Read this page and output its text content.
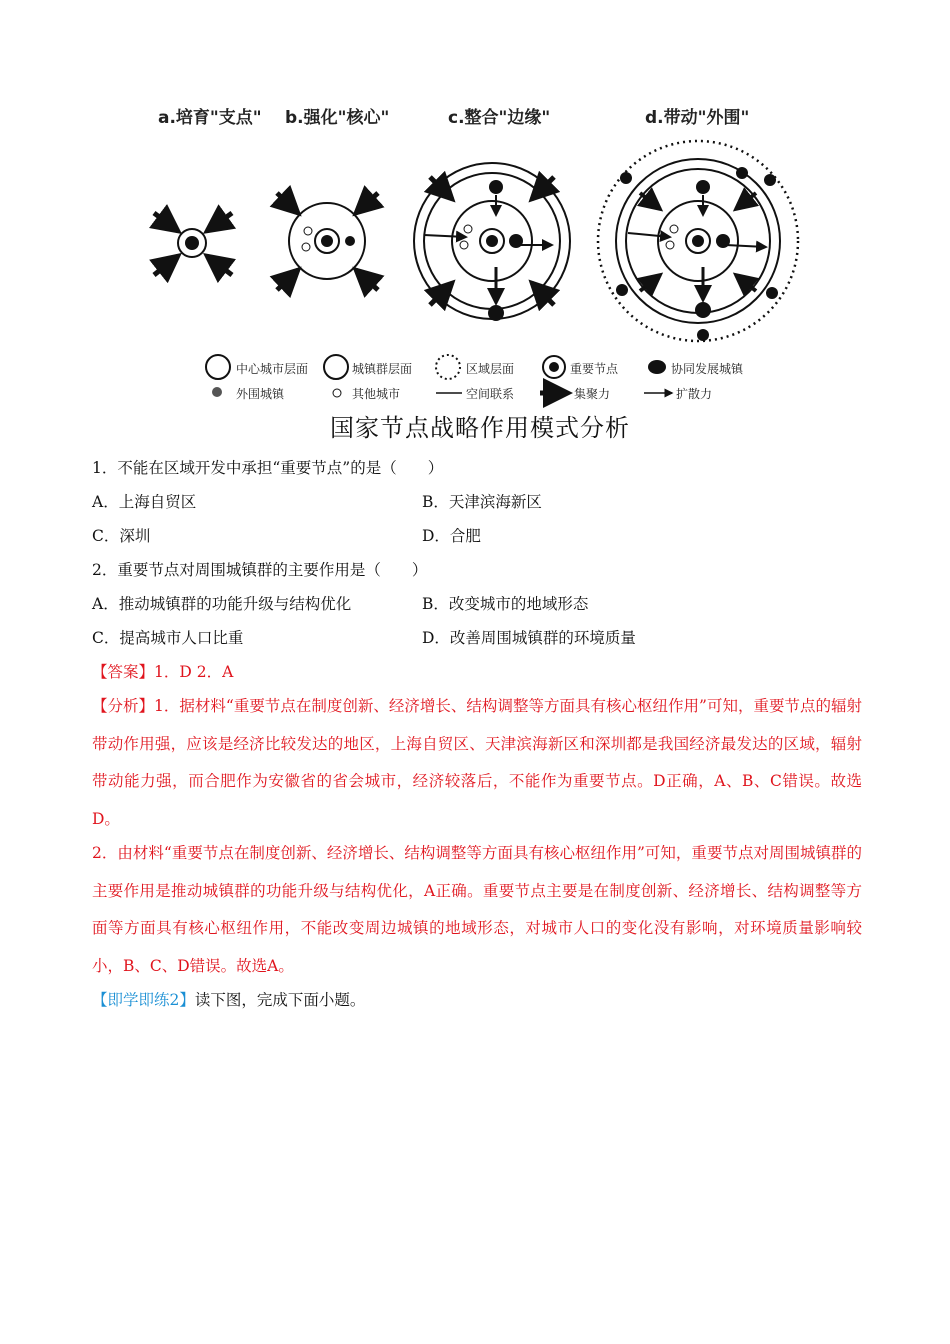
a.培育"支点" b.强化"核心"	c.整合"边缘"	d.带动"外围"
中心城市层面	城镇群层面	区域层面	重要节点	协同发展城镇
外围城镇	其他城市	空间联系	集聚力	扩散力
国家节点战略作用模式分析
1．不能在区域开发中承担“重要节点”的是（　　）
A．上海自贸区	B．天津滨海新区
C．深圳	D．合肥
2．重要节点对周围城镇群的主要作用是（　　）
A．推动城镇群的功能升级与结构优化	B．改变城市的地域形态
C．提高城市人口比重	D．改善周围城镇群的环境质量
【答案】1．D 2．A
【分析】1．据材料“重要节点在制度创新、经济增长、结构调整等方面具有核心枢纽作用”可知，重要节点的辐射带动作用强，应该是经济比较发达的地区，上海自贸区、天津滨海新区和深圳都是我国经济最发达的区域，辐射带动能力强，而合肥作为安徽省的省会城市，经济较落后，不能作为重要节点。D正确，A、B、C错误。故选D。
2．由材料“重要节点在制度创新、经济增长、结构调整等方面具有核心枢纽作用”可知，重要节点对周围城镇群的主要作用是推动城镇群的功能升级与结构优化，A正确。重要节点主要是在制度创新、经济增长、结构调整等方面等方面具有核心枢纽作用，不能改变周边城镇的地域形态，对城市人口的变化没有影响，对环境质量影响较小，B、C、D错误。故选A。
【即学即练2】读下图，完成下面小题。
